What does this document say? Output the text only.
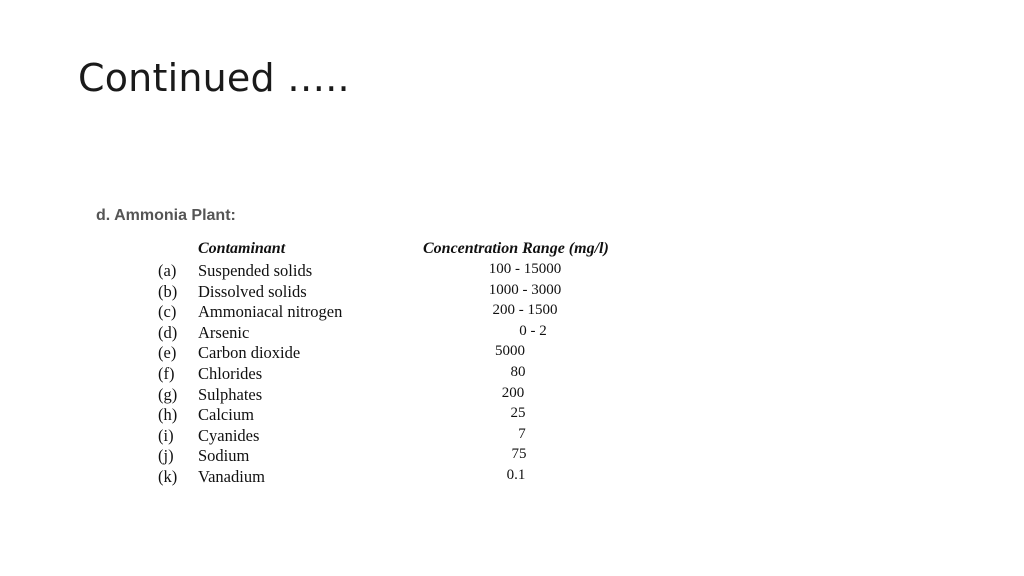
Continued …..
d. Ammonia Plant:
Contaminant	Concentration Range (mg/l)
(a)	Suspended solids	100 - 15000
(b)	Dissolved solids	1000 - 3000
(c)	Ammoniacal nitrogen	200 - 1500
(d)	Arsenic	0 - 2
(e)	Carbon dioxide	5000
(f)	Chlorides	80
(g)	Sulphates	200
(h)	Calcium	25
(i)	Cyanides	7
(j)	Sodium	75
(k)	Vanadium	0.1
